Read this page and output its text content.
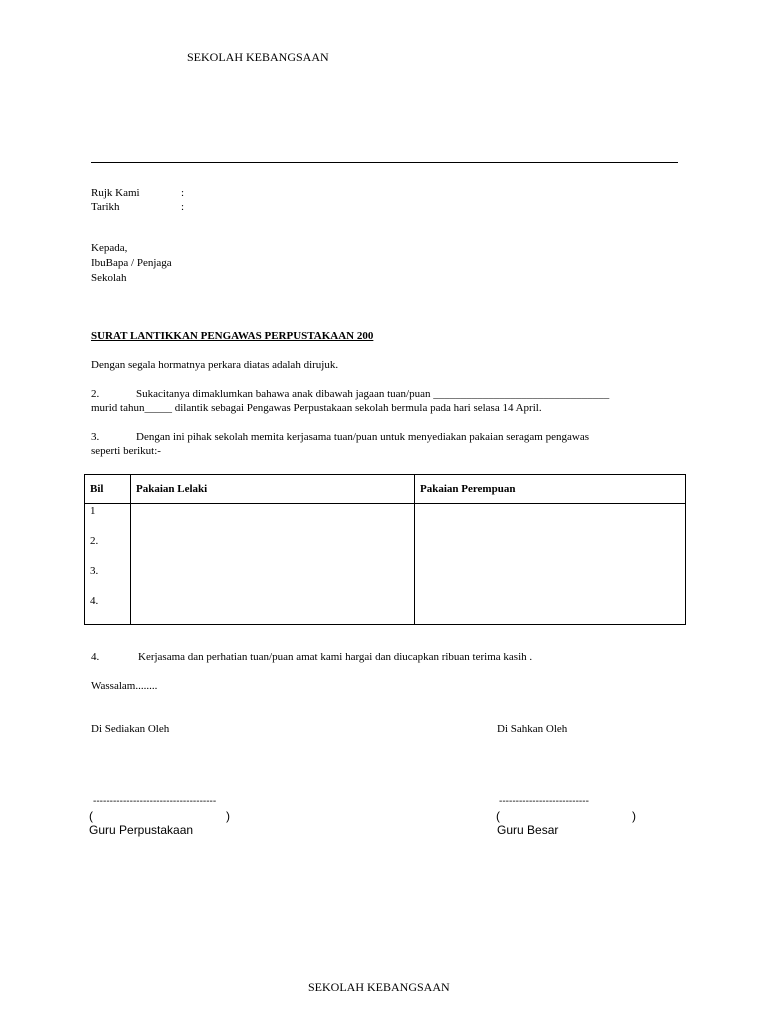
SEKOLAH KEBANGSAAN
Rujk Kami	:
Tarikh	:
Kepada,
IbuBapa / Penjaga
Sekolah
SURAT LANTIKKAN PENGAWAS PERPUSTAKAAN 200
Dengan segala hormatnya perkara diatas adalah dirujuk.
2.	Sukacitanya dimaklumkan bahawa anak dibawah jagaan tuan/puan ________________________________
murid tahun_____ dilantik sebagai Pengawas Perpustakaan sekolah bermula pada hari selasa 14 April.
3.	Dengan ini pihak sekolah memita kerjasama tuan/puan untuk menyediakan pakaian seragam pengawas
seperti berikut:-
Bil	Pakaian Lelaki	Pakaian Perempuan

1
2.
3.
4.		

4.	Kerjasama dan perhatian tuan/puan amat kami hargai dan diucapkan ribuan terima kasih .
Wassalam........
Di Sediakan Oleh	Di Sahkan Oleh
-------------------------------------	---------------------------
(	)	(	)
Guru Perpustakaan	Guru Besar
SEKOLAH KEBANGSAAN
